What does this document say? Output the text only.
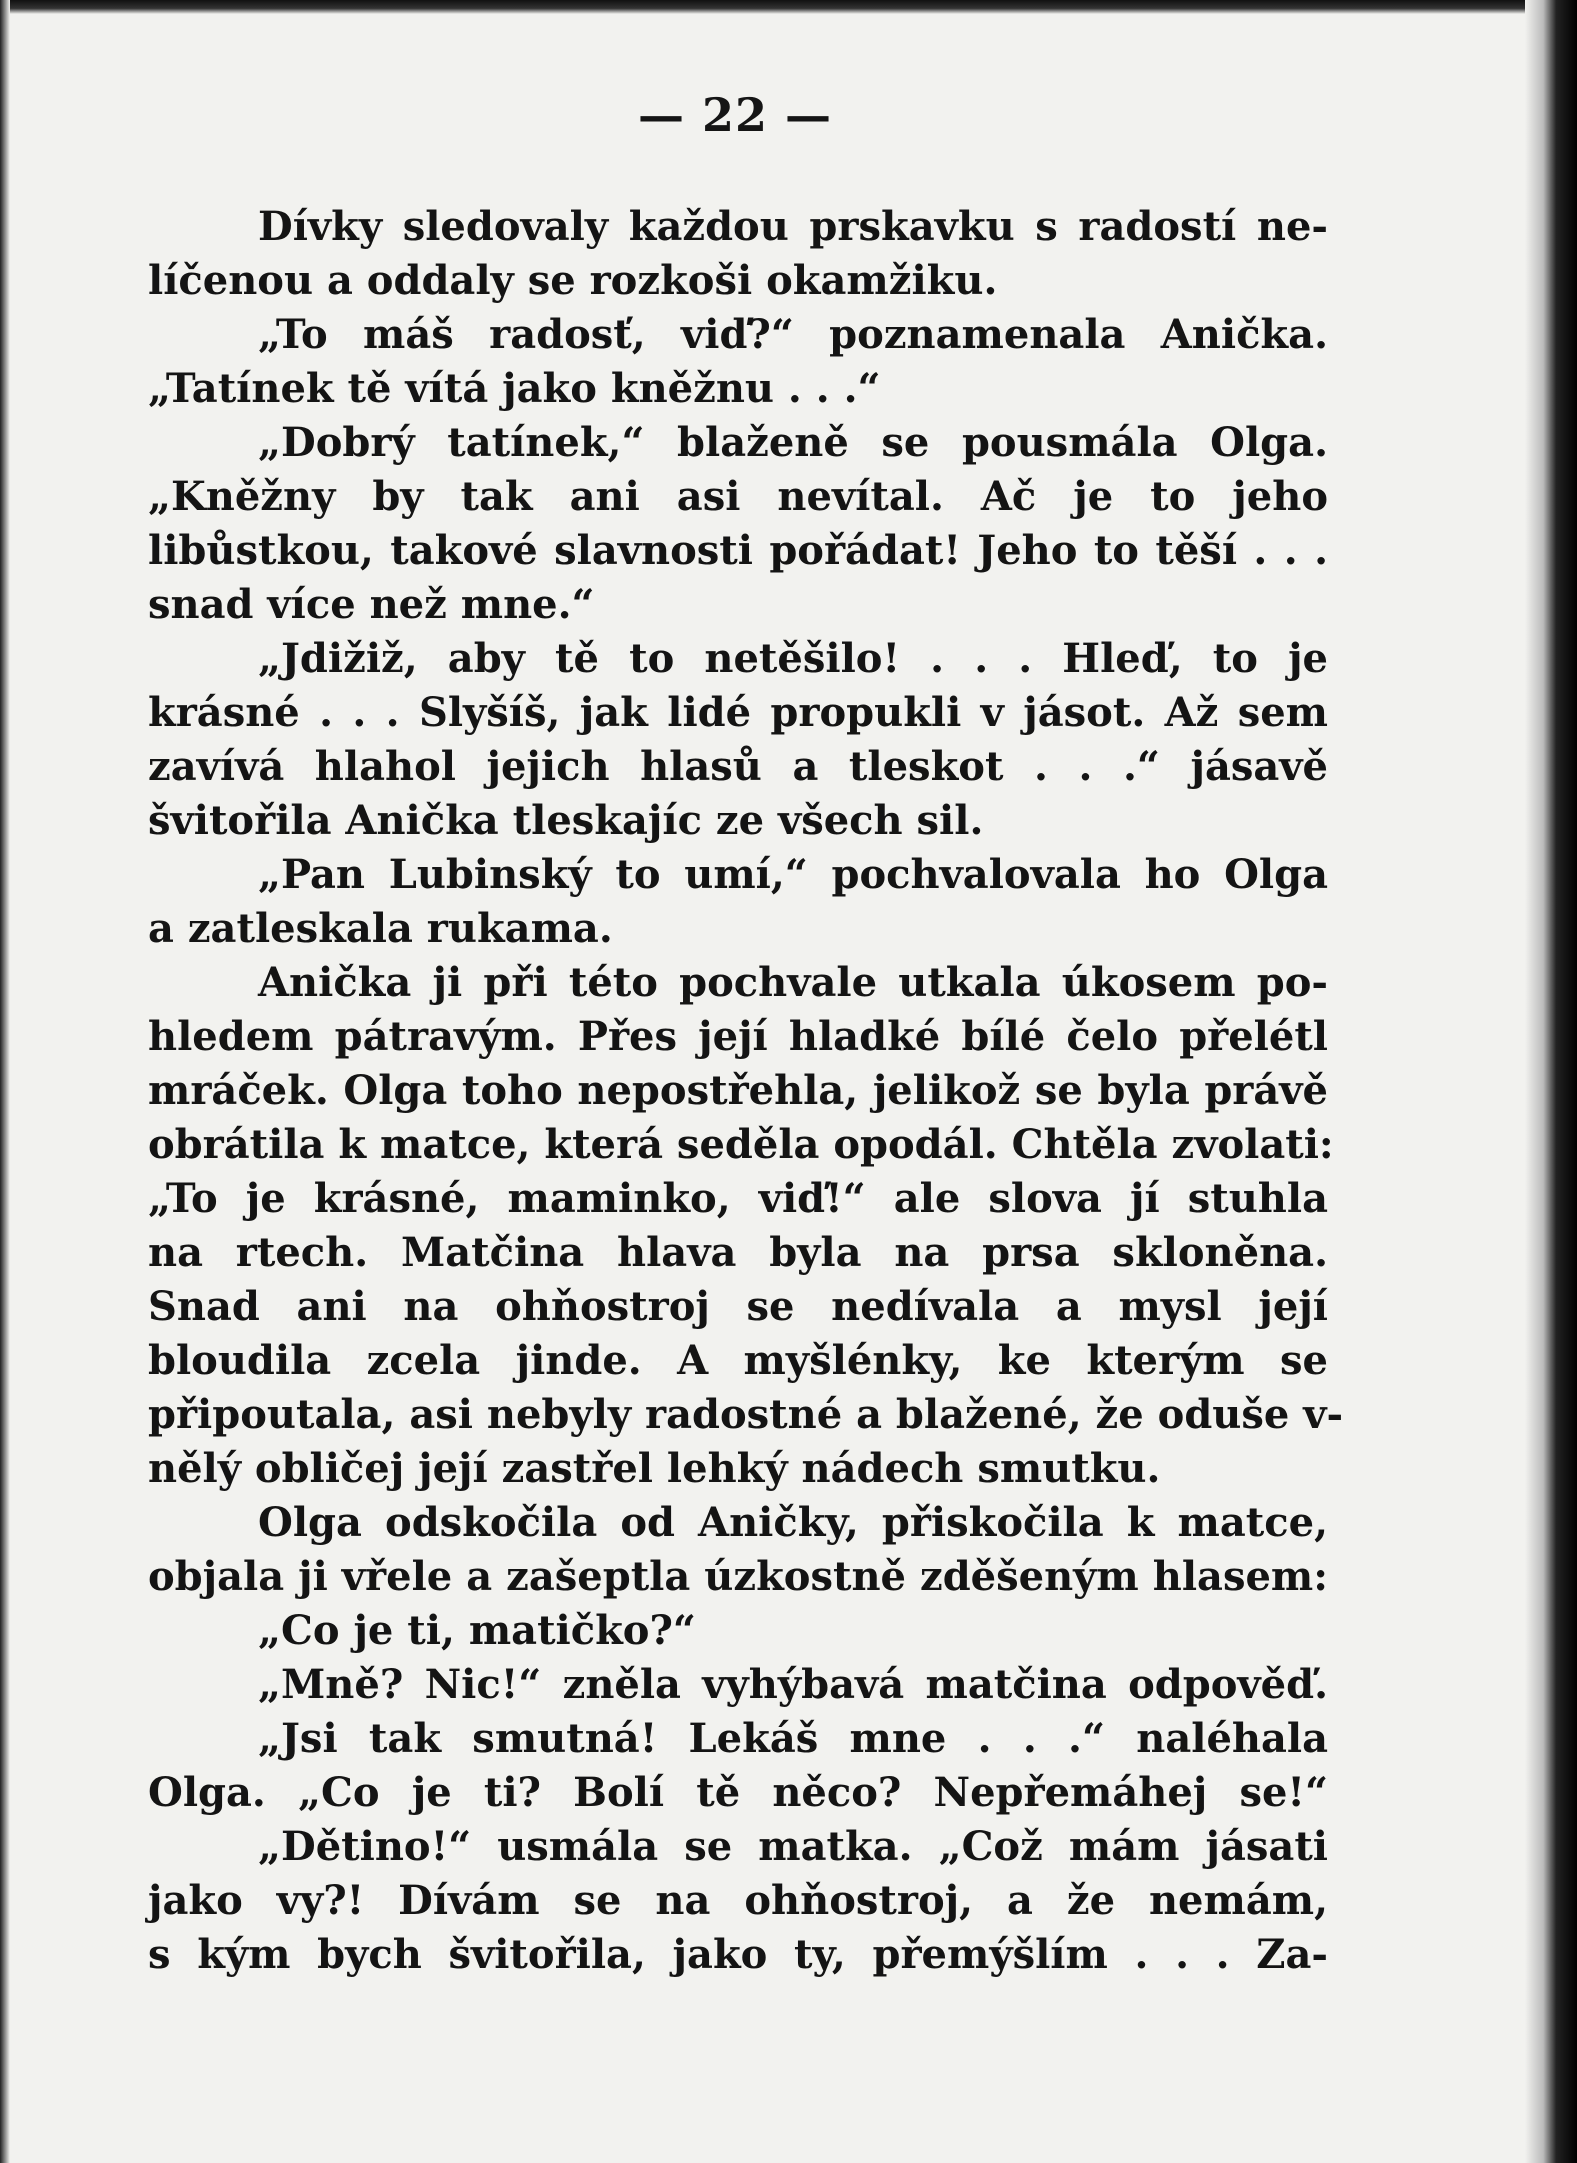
— 22 —
Dívky sledovaly každou prskavku s radostí ne-
líčenou a oddaly se rozkoši okamžiku.
„To máš radosť, viď?“ poznamenala Anička.
„Tatínek tě vítá jako kněžnu . . .“
„Dobrý tatínek,“ blaženě se pousmála Olga.
„Kněžny by tak ani asi nevítal. Ač je to jeho
libůstkou, takové slavnosti pořádat! Jeho to těší . . .
snad více než mne.“
„Jdižiž, aby tě to netěšilo! . . . Hleď, to je
krásné . . . Slyšíš, jak lidé propukli v jásot. Až sem
zavívá hlahol jejich hlasů a tleskot . . .“ jásavě
švitořila Anička tleskajíc ze všech sil.
„Pan Lubinský to umí,“ pochvalovala ho Olga
a zatleskala rukama.
Anička ji při této pochvale utkala úkosem po-
hledem pátravým. Přes její hladké bílé čelo přelétl
mráček. Olga toho nepostřehla, jelikož se byla právě
obrátila k matce, která seděla opodál. Chtěla zvolati:
„To je krásné, maminko, viď!“ ale slova jí stuhla
na rtech. Matčina hlava byla na prsa skloněna.
Snad ani na ohňostroj se nedívala a mysl její
bloudila zcela jinde. A myšlénky, ke kterým se
připoutala, asi nebyly radostné a blažené, že oduše v-
nělý obličej její zastřel lehký nádech smutku.
Olga odskočila od Aničky, přiskočila k matce,
objala ji vřele a zašeptla úzkostně zděšeným hlasem:
„Co je ti, matičko?“
„Mně? Nic!“ zněla vyhýbavá matčina odpověď.
„Jsi tak smutná! Lekáš mne . . .“ naléhala
Olga. „Co je ti? Bolí tě něco? Nepřemáhej se!“
„Dětino!“ usmála se matka. „Což mám jásati
jako vy?! Dívám se na ohňostroj, a že nemám,
s kým bych švitořila, jako ty, přemýšlím . . . Za-
